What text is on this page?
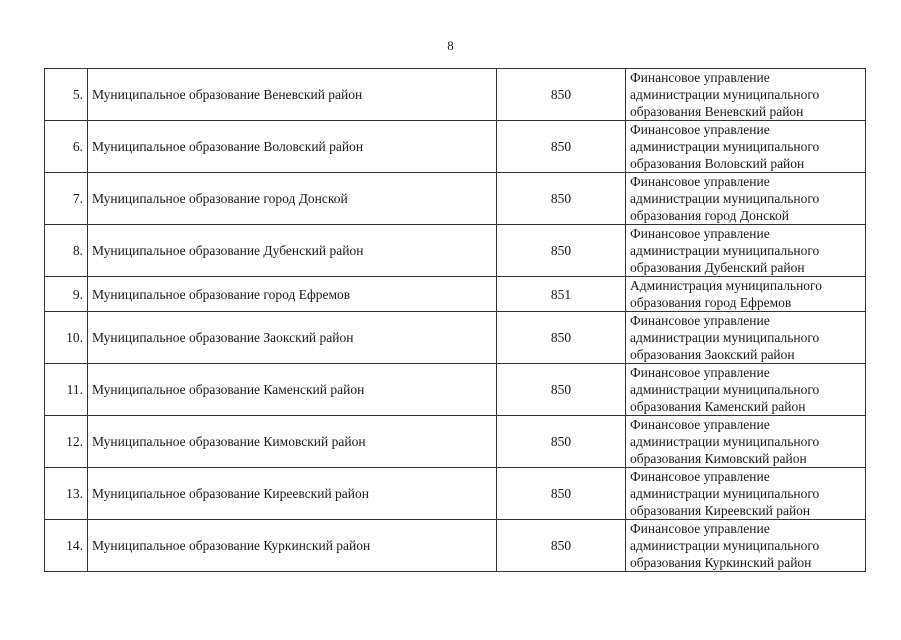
8
5.	Муниципальное образование Веневский район	850	Финансовое управление
администрации муниципального
образования Веневский район
6.	Муниципальное образование Воловский район	850	Финансовое управление
администрации муниципального
образования Воловский район
7.	Муниципальное образование город Донской	850	Финансовое управление
администрации муниципального
образования город Донской
8.	Муниципальное образование Дубенский район	850	Финансовое управление
администрации муниципального
образования Дубенский район
9.	Муниципальное образование город Ефремов	851	Администрация муниципального
образования город Ефремов
10.	Муниципальное образование Заокский район	850	Финансовое управление
администрации муниципального
образования Заокский район
11.	Муниципальное образование Каменский район	850	Финансовое управление
администрации муниципального
образования Каменский район
12.	Муниципальное образование Кимовский район	850	Финансовое управление
администрации муниципального
образования Кимовский район
13.	Муниципальное образование Киреевский район	850	Финансовое управление
администрации муниципального
образования Киреевский район
14.	Муниципальное образование Куркинский район	850	Финансовое управление
администрации муниципального
образования Куркинский район
